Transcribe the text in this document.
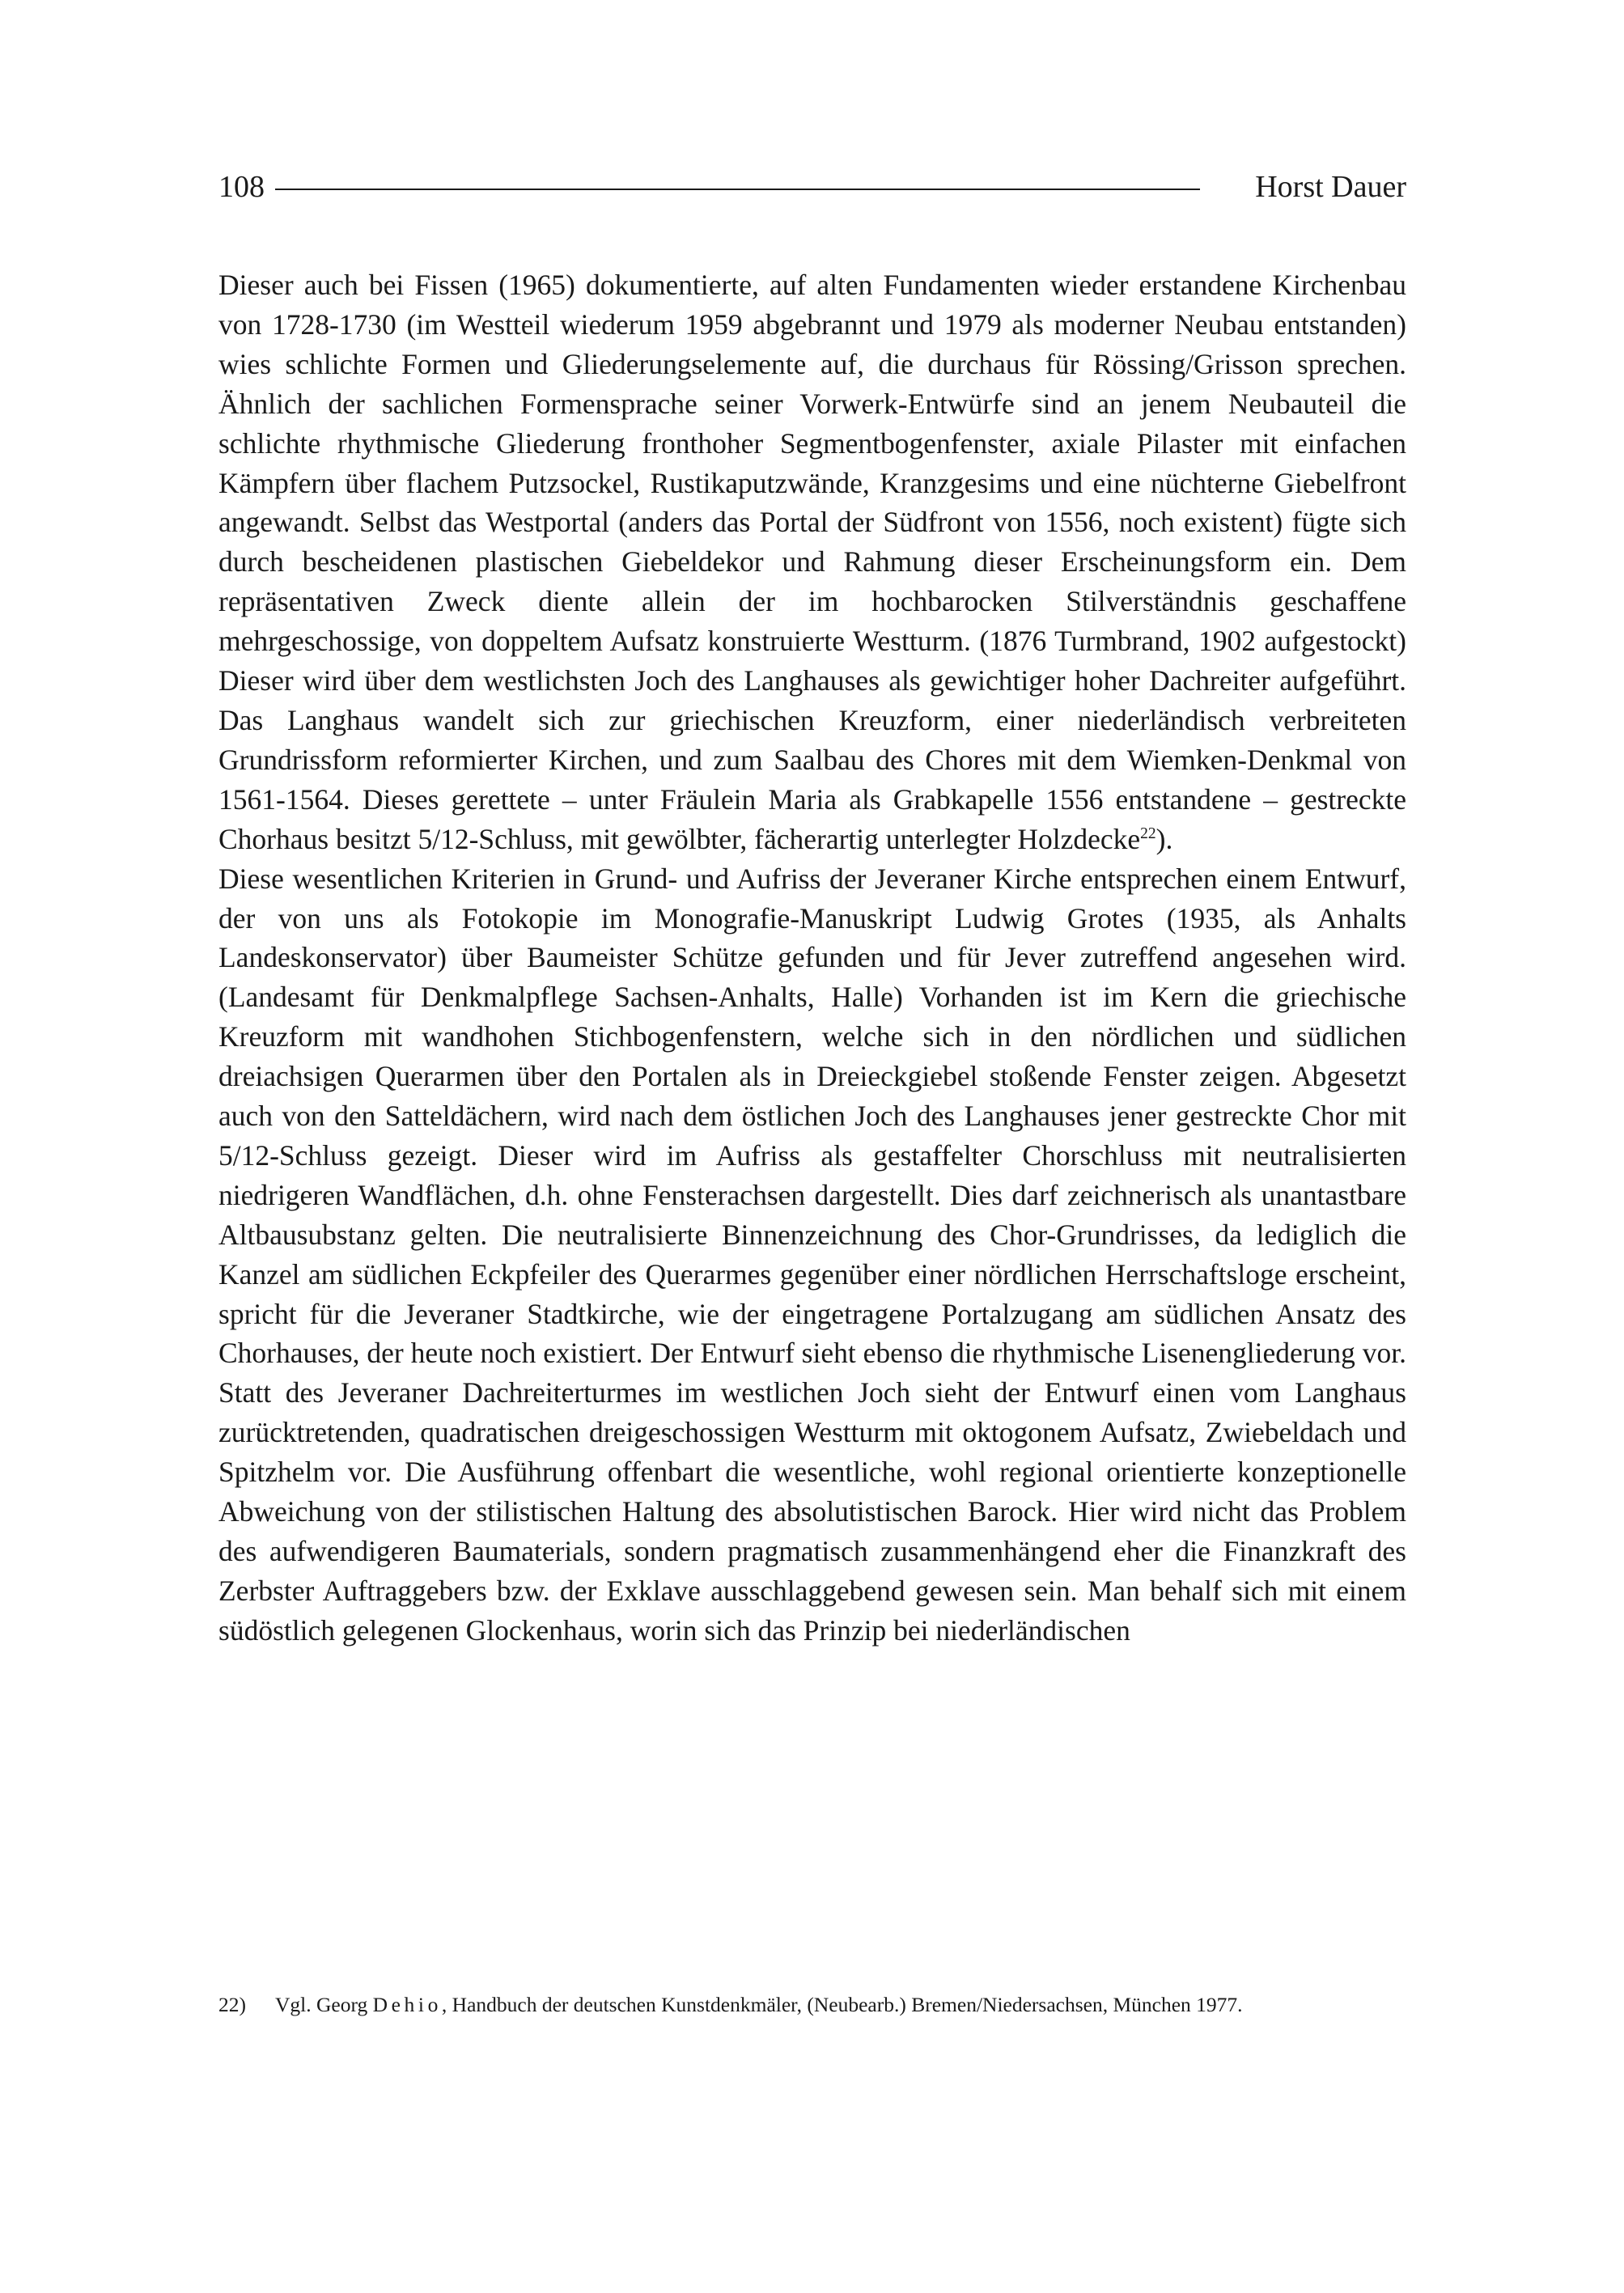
108	Horst Dauer

Dieser auch bei Fissen (1965) dokumentierte, auf alten Fundamenten wieder erstandene Kirchenbau von 1728-1730 (im Westteil wiederum 1959 abgebrannt und 1979 als moderner Neubau entstanden) wies schlichte Formen und Gliederungselemente auf, die durchaus für Rössing/Grisson sprechen. Ähnlich der sachlichen Formensprache seiner Vorwerk-Entwürfe sind an jenem Neubauteil die schlichte rhythmische Gliederung fronthoher Segmentbogenfenster, axiale Pilaster mit einfachen Kämpfern über flachem Putzsockel, Rustikaputzwände, Kranzgesims und eine nüchterne Giebelfront angewandt. Selbst das Westportal (anders das Portal der Südfront von 1556, noch existent) fügte sich durch bescheidenen plastischen Giebeldekor und Rahmung dieser Erscheinungsform ein. Dem repräsentativen Zweck diente allein der im hochbarocken Stilverständnis geschaffene mehrgeschossige, von doppeltem Aufsatz konstruierte Westturm. (1876 Turmbrand, 1902 aufgestockt) Dieser wird über dem westlichsten Joch des Langhauses als gewichtiger hoher Dachreiter aufgeführt. Das Langhaus wandelt sich zur griechischen Kreuzform, einer niederländisch verbreiteten Grundrissform reformierter Kirchen, und zum Saalbau des Chores mit dem Wiemken-Denkmal von 1561-1564. Dieses gerettete – unter Fräulein Maria als Grabkapelle 1556 entstandene – gestreckte Chorhaus besitzt 5/12-Schluss, mit gewölbter, fächerartig unterlegter Holzdecke$^{22}$).

Diese wesentlichen Kriterien in Grund- und Aufriss der Jeveraner Kirche entsprechen einem Entwurf, der von uns als Fotokopie im Monografie-Manuskript Ludwig Grotes (1935, als Anhalts Landeskonservator) über Baumeister Schütze gefunden und für Jever zutreffend angesehen wird. (Landesamt für Denkmalpflege Sachsen-Anhalts, Halle) Vorhanden ist im Kern die griechische Kreuzform mit wandhohen Stichbogenfenstern, welche sich in den nördlichen und südlichen dreiachsigen Querarmen über den Portalen als in Dreieckgiebel stoßende Fenster zeigen. Abgesetzt auch von den Satteldächern, wird nach dem östlichen Joch des Langhauses jener gestreckte Chor mit 5/12-Schluss gezeigt. Dieser wird im Aufriss als gestaffelter Chorschluss mit neutralisierten niedrigeren Wandflächen, d.h. ohne Fensterachsen dargestellt. Dies darf zeichnerisch als unantastbare Altbausubstanz gelten. Die neutralisierte Binnenzeichnung des Chor-Grundrisses, da lediglich die Kanzel am südlichen Eckpfeiler des Querarmes gegenüber einer nördlichen Herrschaftsloge erscheint, spricht für die Jeveraner Stadtkirche, wie der eingetragene Portalzugang am südlichen Ansatz des Chorhauses, der heute noch existiert. Der Entwurf sieht ebenso die rhythmische Lisenengliederung vor. Statt des Jeveraner Dachreiterturmes im westlichen Joch sieht der Entwurf einen vom Langhaus zurücktretenden, quadratischen dreigeschossigen Westturm mit oktogonem Aufsatz, Zwiebeldach und Spitzhelm vor. Die Ausführung offenbart die wesentliche, wohl regional orientierte konzeptionelle Abweichung von der stilistischen Haltung des absolutistischen Barock. Hier wird nicht das Problem des aufwendigeren Baumaterials, sondern pragmatisch zusammenhängend eher die Finanzkraft des Zerbster Auftraggebers bzw. der Exklave ausschlaggebend gewesen sein. Man behalf sich mit einem südöstlich gelegenen Glockenhaus, worin sich das Prinzip bei niederländischen

22)	Vgl. Georg Dehio, Handbuch der deutschen Kunstdenkmäler, (Neubearb.) Bremen/Niedersachsen, München 1977.
